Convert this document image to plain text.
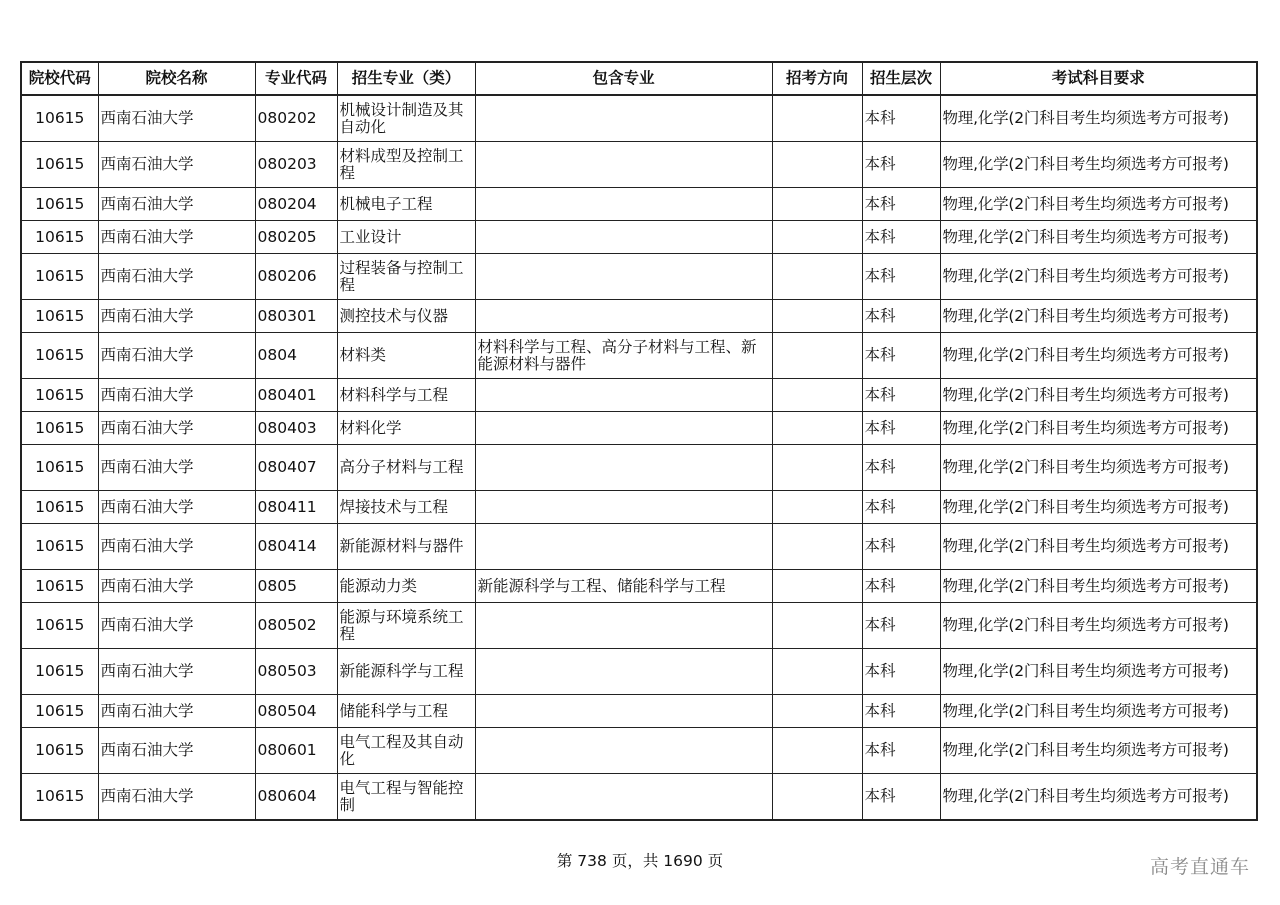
院校代码	院校名称	专业代码	招生专业（类）	包含专业	招考方向	招生层次	考试科目要求
10615	西南石油大学	080202	机械设计制造及其自动化			本科	物理,化学(2门科目考生均须选考方可报考)
10615	西南石油大学	080203	材料成型及控制工程			本科	物理,化学(2门科目考生均须选考方可报考)
10615	西南石油大学	080204	机械电子工程			本科	物理,化学(2门科目考生均须选考方可报考)
10615	西南石油大学	080205	工业设计			本科	物理,化学(2门科目考生均须选考方可报考)
10615	西南石油大学	080206	过程装备与控制工程			本科	物理,化学(2门科目考生均须选考方可报考)
10615	西南石油大学	080301	测控技术与仪器			本科	物理,化学(2门科目考生均须选考方可报考)
10615	西南石油大学	0804	材料类	材料科学与工程、高分子材料与工程、新能源材料与器件		本科	物理,化学(2门科目考生均须选考方可报考)
10615	西南石油大学	080401	材料科学与工程			本科	物理,化学(2门科目考生均须选考方可报考)
10615	西南石油大学	080403	材料化学			本科	物理,化学(2门科目考生均须选考方可报考)
10615	西南石油大学	080407	高分子材料与工程			本科	物理,化学(2门科目考生均须选考方可报考)
10615	西南石油大学	080411	焊接技术与工程			本科	物理,化学(2门科目考生均须选考方可报考)
10615	西南石油大学	080414	新能源材料与器件			本科	物理,化学(2门科目考生均须选考方可报考)
10615	西南石油大学	0805	能源动力类	新能源科学与工程、储能科学与工程		本科	物理,化学(2门科目考生均须选考方可报考)
10615	西南石油大学	080502	能源与环境系统工程			本科	物理,化学(2门科目考生均须选考方可报考)
10615	西南石油大学	080503	新能源科学与工程			本科	物理,化学(2门科目考生均须选考方可报考)
10615	西南石油大学	080504	储能科学与工程			本科	物理,化学(2门科目考生均须选考方可报考)
10615	西南石油大学	080601	电气工程及其自动化			本科	物理,化学(2门科目考生均须选考方可报考)
10615	西南石油大学	080604	电气工程与智能控制			本科	物理,化学(2门科目考生均须选考方可报考)
第 738 页，共 1690 页	高考直通车
